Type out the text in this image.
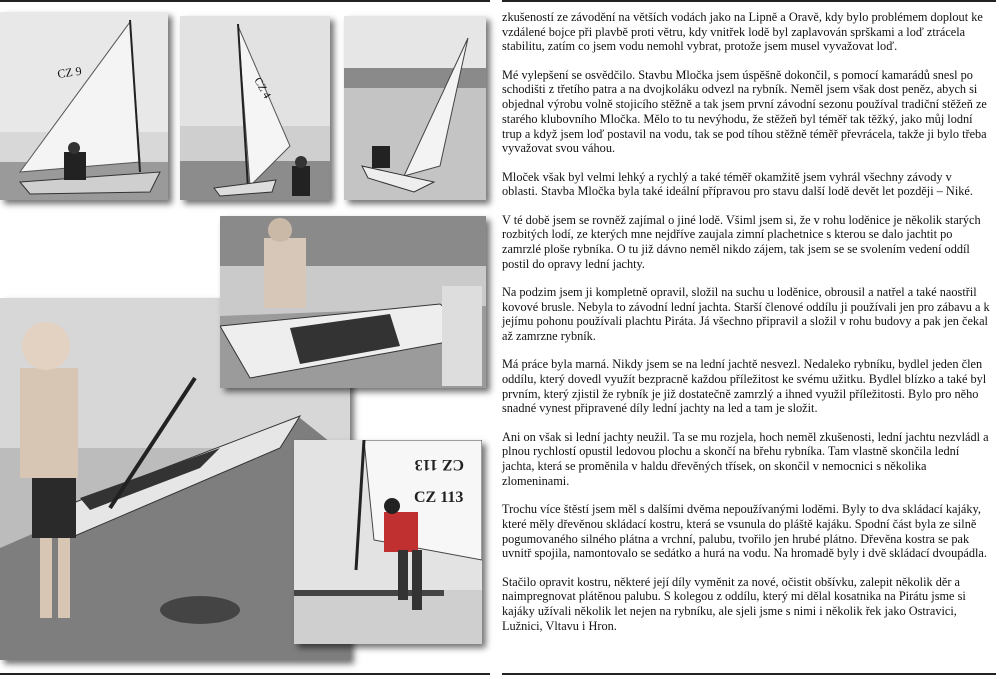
CZ 9
CZ 4
CZ 113
CZ 113

zkušeností ze závodění na větších vodách jako na Lipně a Oravě, kdy bylo problémem doplout ke vzdálené bojce při plavbě proti větru, kdy vnitřek lodě byl zaplavován sprškami a loď ztrácela stabilitu, zatím co jsem vodu nemohl vybrat, protože jsem musel vyvažovat loď.

Mé vylepšení se osvědčilo. Stavbu Mločka jsem úspěšně dokončil, s pomocí kamarádů snesl po schodišti z třetího patra a na dvojkoláku odvezl na rybník. Neměl jsem však dost peněz, abych si objednal výrobu volně stojicího stěžně a tak jsem první závodní sezonu používal tradiční stěžeň ze starého klubovního Mločka. Mělo to tu nevýhodu, že stěžeň byl téměř tak těžký, jako můj lodní trup a když jsem loď postavil na vodu, tak se pod tíhou stěžně téměř převrácela, takže ji bylo třeba vyvažovat svou váhou.

Mloček však byl velmi lehký a rychlý a také téměř okamžitě jsem vyhrál všechny závody v oblasti. Stavba Mločka byla také ideální přípravou pro stavu další lodě devět let později – Niké.

V té době jsem se rovněž zajímal o jiné lodě. Všiml jsem si, že v rohu loděnice je několik starých rozbitých lodí, ze kterých mne nejdříve zaujala zimní plachetnice s kterou se dalo jachtit po zamrzlé ploše rybníka. O tu již dávno neměl nikdo zájem, tak jsem se se svolením vedení oddíl postil do opravy lední jachty.

Na podzim jsem ji kompletně opravil, složil na suchu u loděnice, obrousil a natřel a také naostřil kovové brusle. Nebyla to závodní lední jachta. Starší členové oddílu ji používali jen pro zábavu a k jejímu pohonu používali plachtu Piráta. Já všechno připravil a složil v rohu budovy a pak jen čekal až zamrzne rybník.

Má práce byla marná. Nikdy jsem se na lední jachtě nesvezl. Nedaleko rybníku, bydlel jeden člen oddílu, který dovedl využít bezpracně každou příležitost ke svému užitku. Bydlel blízko a také byl prvním, který zjistil že rybník je již dostatečně zamrzlý a ihned využil příležitosti. Bylo pro něho snadné vynest připravené díly lední jachty na led a tam je složit.

Ani on však si lední jachty neužil. Ta se mu rozjela, hoch neměl zkušenosti, lední jachtu nezvládl a plnou rychlostí opustil ledovou plochu a skončí na břehu rybníka. Tam vlastně skončila lední jachta, která se proměnila v haldu dřevěných třísek, on skončil v nemocnici s několika zlomeninami.

Trochu více štěstí jsem měl s dalšími dvěma nepoužívanými loděmi. Byly to dva skládací kajáky, které měly dřevěnou skládací kostru, která se vsunula do pláště kajáku. Spodní část byla ze silně pogumovaného silného plátna a vrchní, palubu, tvořilo jen hrubé plátno. Dřevěna kostra se pak uvnitř spojila, namontovalo se sedátko a hurá na vodu. Na hromadě byly i dvě skládací dvoupádla.

Stačilo opravit kostru, některé její díly vyměnit za nové, očistit obšívku, zalepit několik děr a naimpregnovat plátěnou palubu. S kolegou z oddílu, který mi dělal kosatnika na Pirátu jsme si kajáky užívali několik let nejen na rybníku, ale sjeli jsme s nimi i několik řek jako Ostravici, Lužnici, Vltavu i Hron.
